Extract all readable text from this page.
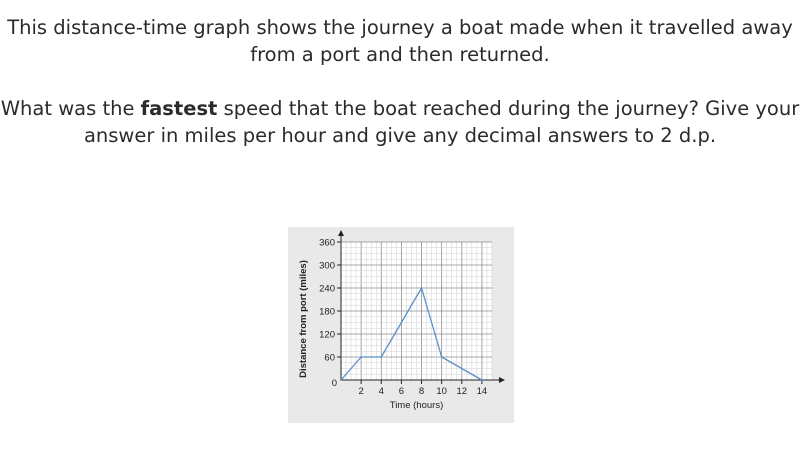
This distance-time graph shows the journey a boat made when it travelled away from a port and then returned.

What was the fastest speed that the boat reached during the journey? Give your answer in miles per hour and give any decimal answers to 2 d.p.

60
120
180
240
300
360
2 4 6 8 10 12 14
0
Time (hours)
Distance from port (miles)
